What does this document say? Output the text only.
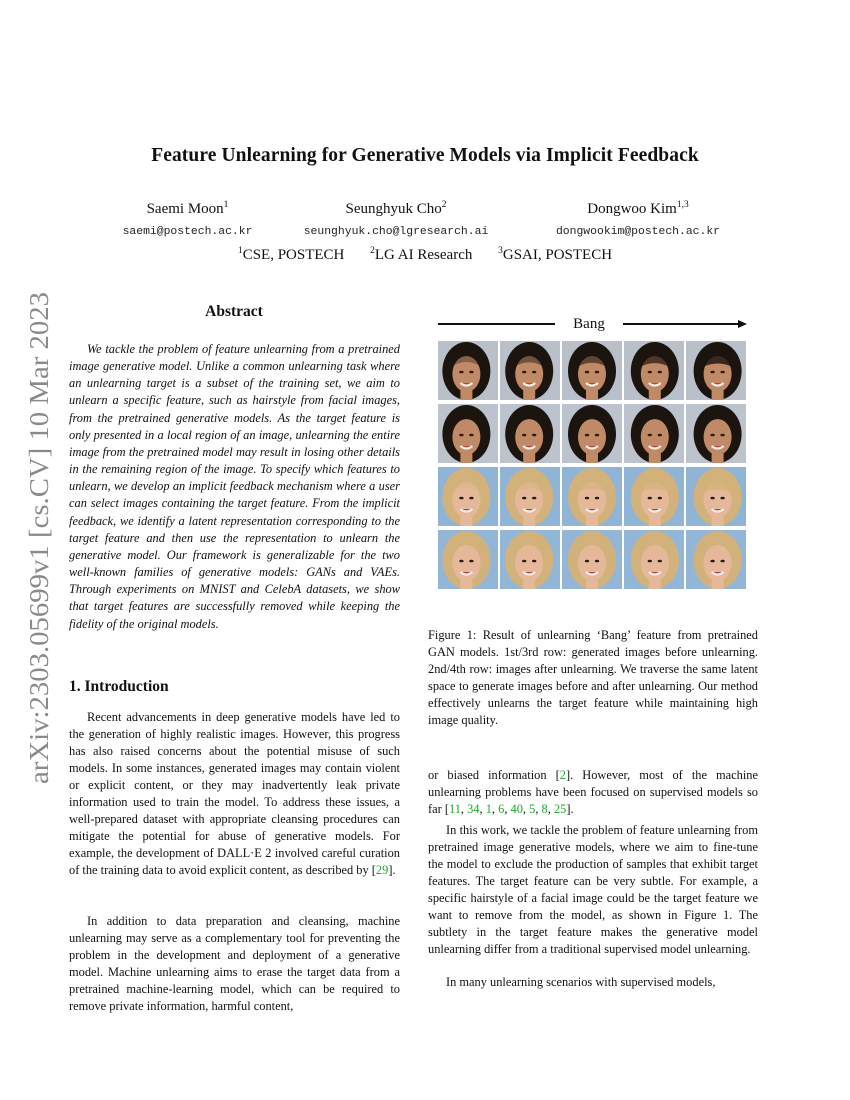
arXiv:2303.05699v1 [cs.CV] 10 Mar 2023
Feature Unlearning for Generative Models via Implicit Feedback
Saemi Moon$^1$
saemi@postech.ac.kr
Seunghyuk Cho$^2$
seunghyuk.cho@lgresearch.ai
Dongwoo Kim$^{1,3}$
dongwookim@postech.ac.kr
$^1$CSE, POSTECH	$^2$LG AI Research	$^3$GSAI, POSTECH
Abstract

We tackle the problem of feature unlearning from a pretrained image generative model. Unlike a common unlearning task where an unlearning target is a subset of the training set, we aim to unlearn a specific feature, such as hairstyle from facial images, from the pretrained generative models. As the target feature is only presented in a local region of an image, unlearning the entire image from the pretrained model may result in losing other details in the remaining region of the image. To specify which features to unlearn, we develop an implicit feedback mechanism where a user can select images containing the target feature. From the implicit feedback, we identify a latent representation corresponding to the target feature and then use the representation to unlearn the generative model. Our framework is generalizable for the two well-known families of generative models: GANs and VAEs. Through experiments on MNIST and CelebA datasets, we show that target features are successfully removed while keeping the fidelity of the original models.

1. Introduction

Recent advancements in deep generative models have led to the generation of highly realistic images. However, this progress has also raised concerns about the potential misuse of such models. In some instances, generated images may contain violent or explicit content, or they may inadvertently leak private information used to train the model. To address these issues, a well-prepared dataset with appropriate cleansing procedures can mitigate the potential for abuse of generative models. For example, the development of DALL·E 2 involved careful curation of the training data to avoid explicit content, as described by [29].

In addition to data preparation and cleansing, machine unlearning may serve as a complementary tool for preventing the problem in the development and deployment of a generative model. Machine unlearning aims to erase the target data from a pretrained machine-learning model, which can be required to remove private information, harmful content,

Bang

Figure 1: Result of unlearning ‘Bang’ feature from pretrained GAN models. 1st/3rd row: generated images before unlearning. 2nd/4th row: images after unlearning. We traverse the same latent space to generate images before and after unlearning. Our method effectively unlearns the target feature while maintaining high image quality.

or biased information [2]. However, most of the machine unlearning problems have been focused on supervised models so far [11, 34, 1, 6, 40, 5, 8, 25].

In this work, we tackle the problem of feature unlearning from pretrained image generative models, where we aim to fine-tune the model to exclude the production of samples that exhibit target features. The target feature can be very subtle. For example, a specific hairstyle of a facial image could be the target feature we want to remove from the model, as shown in Figure 1. The subtlety in the target feature makes the generative model unlearning differ from a traditional supervised model unlearning.

In many unlearning scenarios with supervised models,
